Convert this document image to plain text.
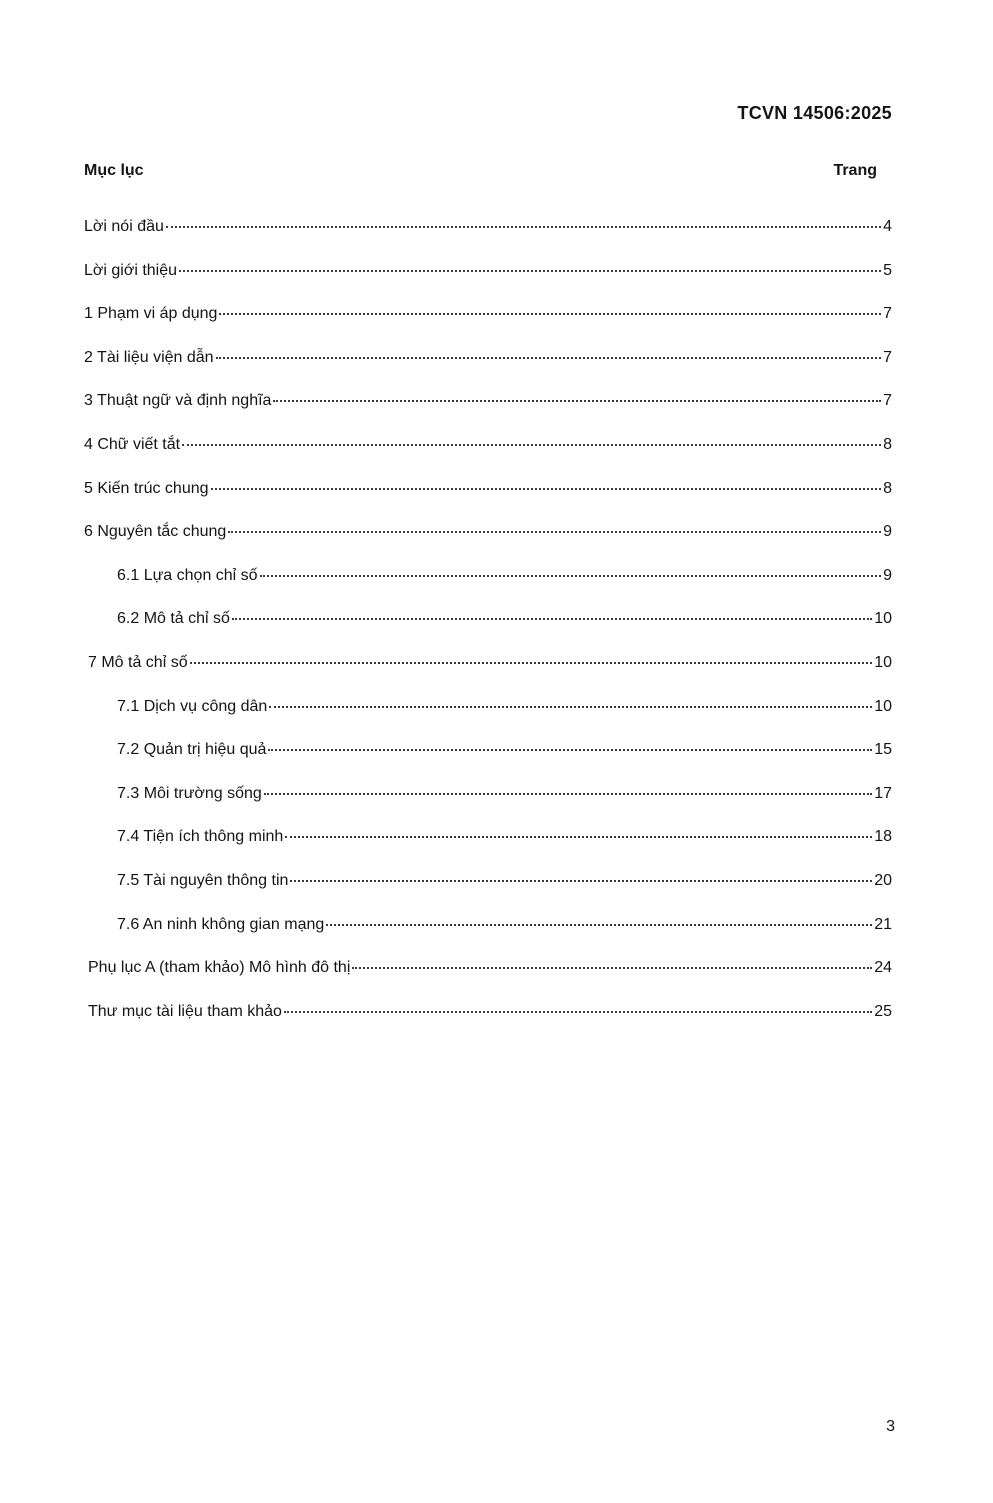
TCVN 14506:2025
Mục lục	Trang
Lời nói đầu	4
Lời giới thiệu	5
1 Phạm vi áp dụng	7
2 Tài liệu viện dẫn	7
3 Thuật ngữ và định nghĩa	7
4 Chữ viết tắt	8
5 Kiến trúc chung	8
6 Nguyên tắc chung	9
6.1 Lựa chọn chỉ số	9
6.2 Mô tả chỉ số	10
7 Mô tả chỉ số	10
7.1 Dịch vụ công dân	10
7.2 Quản trị hiệu quả	15
7.3 Môi trường sống	17
7.4 Tiện ích thông minh	18
7.5 Tài nguyên thông tin	20
7.6 An ninh không gian mạng	21
Phụ lục A (tham khảo) Mô hình đô thị	24
Thư mục tài liệu tham khảo	25
3
